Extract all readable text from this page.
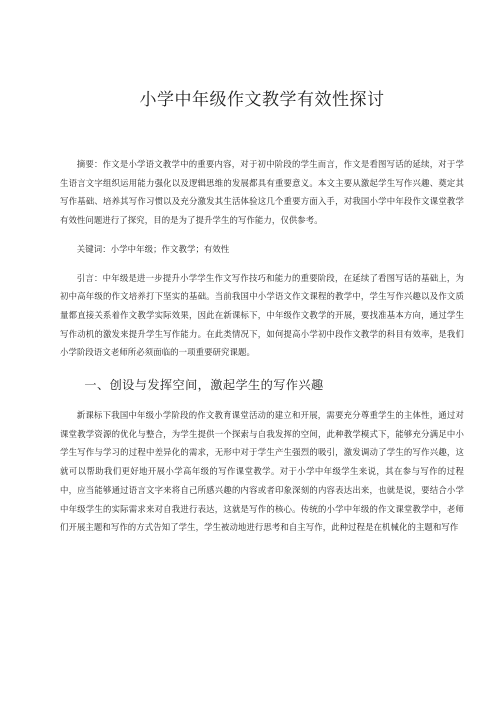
小学中年级作文教学有效性探讨

摘要：作文是小学语文教学中的重要内容，对于初中阶段的学生而言，作文是看图写话的延续，对于学生语言文字组织运用能力强化以及逻辑思维的发展都具有重要意义。本文主要从激起学生写作兴趣、奠定其写作基础、培养其写作习惯以及充分激发其生活体验这几个重要方面入手，对我国小学中年段作文课堂教学有效性问题进行了探究，目的是为了提升学生的写作能力，仅供参考。

关键词：小学中年级；作文教学；有效性

引言：中年级是进一步提升小学学生作文写作技巧和能力的重要阶段，在延续了看图写话的基础上，为初中高年级的作文培养打下坚实的基础。当前我国中小学语文作文课程的教学中，学生写作兴趣以及作文质量都直接关系着作文教学实际效果，因此在新课标下，中年级作文教学的开展，要找准基本方向，通过学生写作动机的激发来提升学生写作能力。在此类情况下，如何提高小学初中段作文教学的科目有效率，是我们小学阶段语文老师所必须面临的一项重要研究课题。

一、创设与发挥空间，激起学生的写作兴趣

新课标下我国中年级小学阶段的作文教育课堂活动的建立和开展，需要充分尊重学生的主体性，通过对课堂教学资源的优化与整合，为学生提供一个探索与自我发挥的空间，此种教学模式下，能够充分满足中小学生写作与学习的过程中差异化的需求，无形中对于学生产生强烈的吸引，激发调动了学生的写作兴趣，这就可以帮助我们更好地开展小学高年级的写作课堂教学。对于小学中年级学生来说，其在参与写作的过程中，应当能够通过语言文字来将自己所感兴趣的内容或者印象深刻的内容表达出来，也就是说，要结合小学中年级学生的实际需求来对自我进行表达，这就是写作的核心。传统的小学中年级的作文课堂教学中，老师们开展主题和写作的方式告知了学生，学生被动地进行思考和自主写作，此种过程是在机械化的主题和写作
